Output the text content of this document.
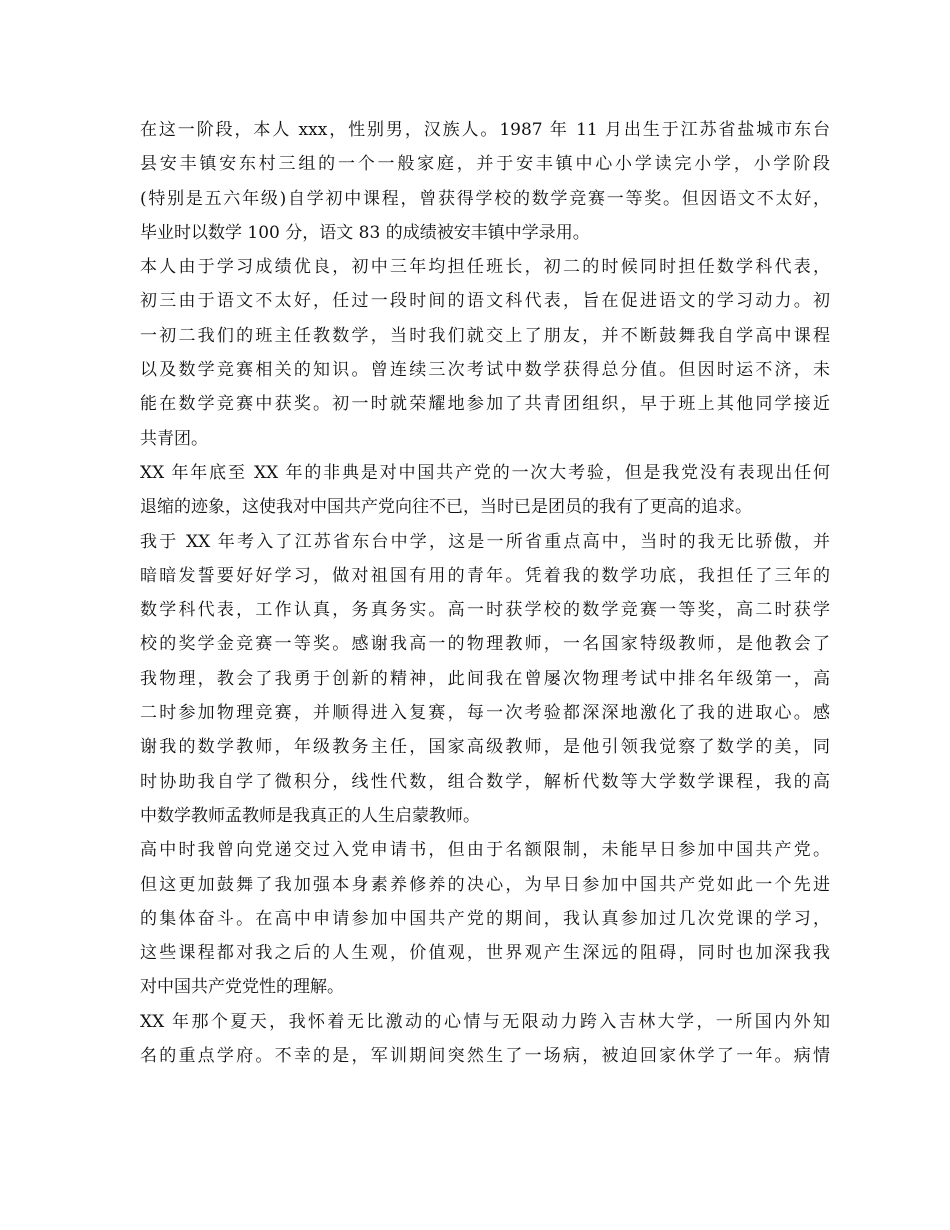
在这一阶段，本人 xxx，性别男，汉族人。1987 年 11 月出生于江苏省盐城市东台
县安丰镇安东村三组的一个一般家庭，并于安丰镇中心小学读完小学，小学阶段
(特别是五六年级)自学初中课程，曾获得学校的数学竞赛一等奖。但因语文不太好，
毕业时以数学 100 分，语文 83 的成绩被安丰镇中学录用。
本人由于学习成绩优良，初中三年均担任班长，初二的时候同时担任数学科代表，
初三由于语文不太好，任过一段时间的语文科代表，旨在促进语文的学习动力。初
一初二我们的班主任教数学，当时我们就交上了朋友，并不断鼓舞我自学高中课程
以及数学竞赛相关的知识。曾连续三次考试中数学获得总分值。但因时运不济，未
能在数学竞赛中获奖。初一时就荣耀地参加了共青团组织，早于班上其他同学接近
共青团。
XX 年年底至 XX 年的非典是对中国共产党的一次大考验，但是我党没有表现出任何
退缩的迹象，这使我对中国共产党向往不已，当时已是团员的我有了更高的追求。
我于 XX 年考入了江苏省东台中学，这是一所省重点高中，当时的我无比骄傲，并
暗暗发誓要好好学习，做对祖国有用的青年。凭着我的数学功底，我担任了三年的
数学科代表，工作认真，务真务实。高一时获学校的数学竞赛一等奖，高二时获学
校的奖学金竞赛一等奖。感谢我高一的物理教师，一名国家特级教师，是他教会了
我物理，教会了我勇于创新的精神，此间我在曾屡次物理考试中排名年级第一，高
二时参加物理竞赛，并顺得进入复赛，每一次考验都深深地激化了我的进取心。感
谢我的数学教师，年级教务主任，国家高级教师，是他引领我觉察了数学的美，同
时协助我自学了微积分，线性代数，组合数学，解析代数等大学数学课程，我的高
中数学教师孟教师是我真正的人生启蒙教师。
高中时我曾向党递交过入党申请书，但由于名额限制，未能早日参加中国共产党。
但这更加鼓舞了我加强本身素养修养的决心，为早日参加中国共产党如此一个先进
的集体奋斗。在高中申请参加中国共产党的期间，我认真参加过几次党课的学习，
这些课程都对我之后的人生观，价值观，世界观产生深远的阻碍，同时也加深我我
对中国共产党党性的理解。
XX 年那个夏天，我怀着无比激动的心情与无限动力跨入吉林大学，一所国内外知
名的重点学府。不幸的是，军训期间突然生了一场病，被迫回家休学了一年。病情
